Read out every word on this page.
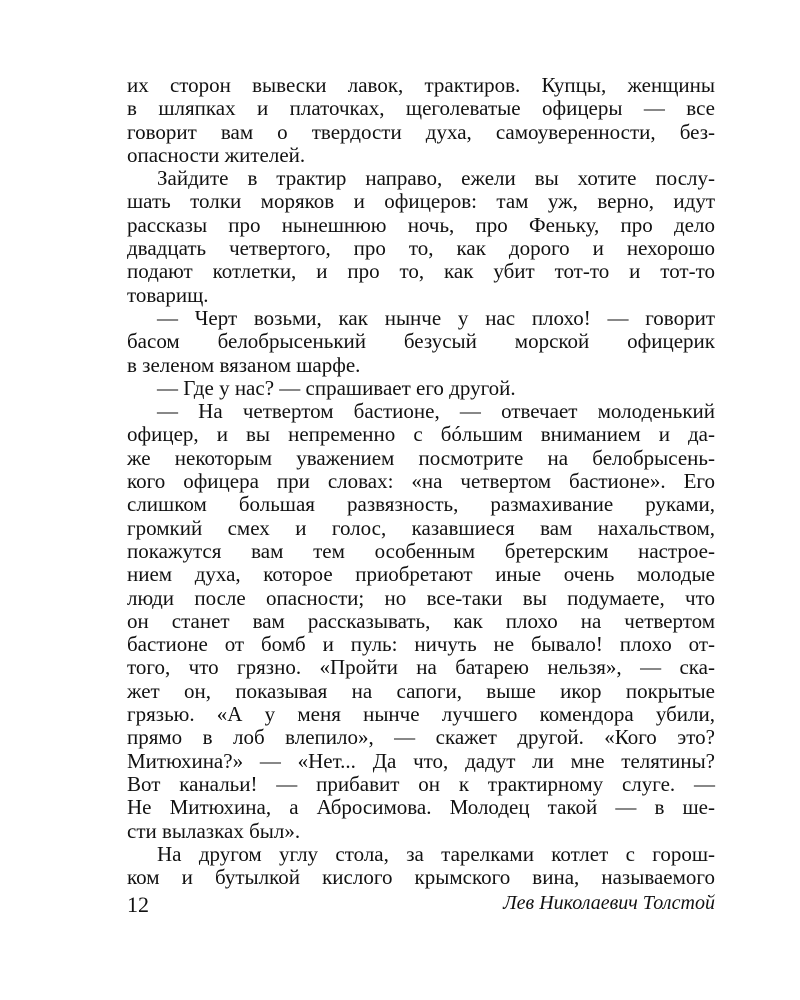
их сторон вывески лавок, трактиров. Купцы, женщины
в шляпках и платочках, щеголеватые офицеры — все
говорит вам о твердости духа, самоуверенности, без-
опасности жителей.
Зайдите в трактир направо, ежели вы хотите послу-
шать толки моряков и офицеров: там уж, верно, идут
рассказы про нынешнюю ночь, про Феньку, про дело
двадцать четвертого, про то, как дорого и нехорошо
подают котлетки, и про то, как убит тот-то и тот-то
товарищ.
— Черт возьми, как нынче у нас плохо! — говорит
басом белобрысенький безусый морской офицерик
в зеленом вязаном шарфе.
— Где у нас? — спрашивает его другой.
— На четвертом бастионе, — отвечает молоденький
офицер, и вы непременно с бóльшим вниманием и да-
же некоторым уважением посмотрите на белобрысень-
кого офицера при словах: «на четвертом бастионе». Его
слишком большая развязность, размахивание руками,
громкий смех и голос, казавшиеся вам нахальством,
покажутся вам тем особенным бретерским настрое-
нием духа, которое приобретают иные очень молодые
люди после опасности; но все-таки вы подумаете, что
он станет вам рассказывать, как плохо на четвертом
бастионе от бомб и пуль: ничуть не бывало! плохо от-
того, что грязно. «Пройти на батарею нельзя», — ска-
жет он, показывая на сапоги, выше икор покрытые
грязью. «А у меня нынче лучшего комендора убили,
прямо в лоб влепило», — скажет другой. «Кого это?
Митюхина?» — «Нет... Да что, дадут ли мне телятины?
Вот канальи! — прибавит он к трактирному слуге. —
Не Митюхина, а Абросимова. Молодец такой — в ше-
сти вылазках был».
На другом углу стола, за тарелками котлет с горош-
ком и бутылкой кислого крымского вина, называемого
12	Лев Николаевич Толстой
